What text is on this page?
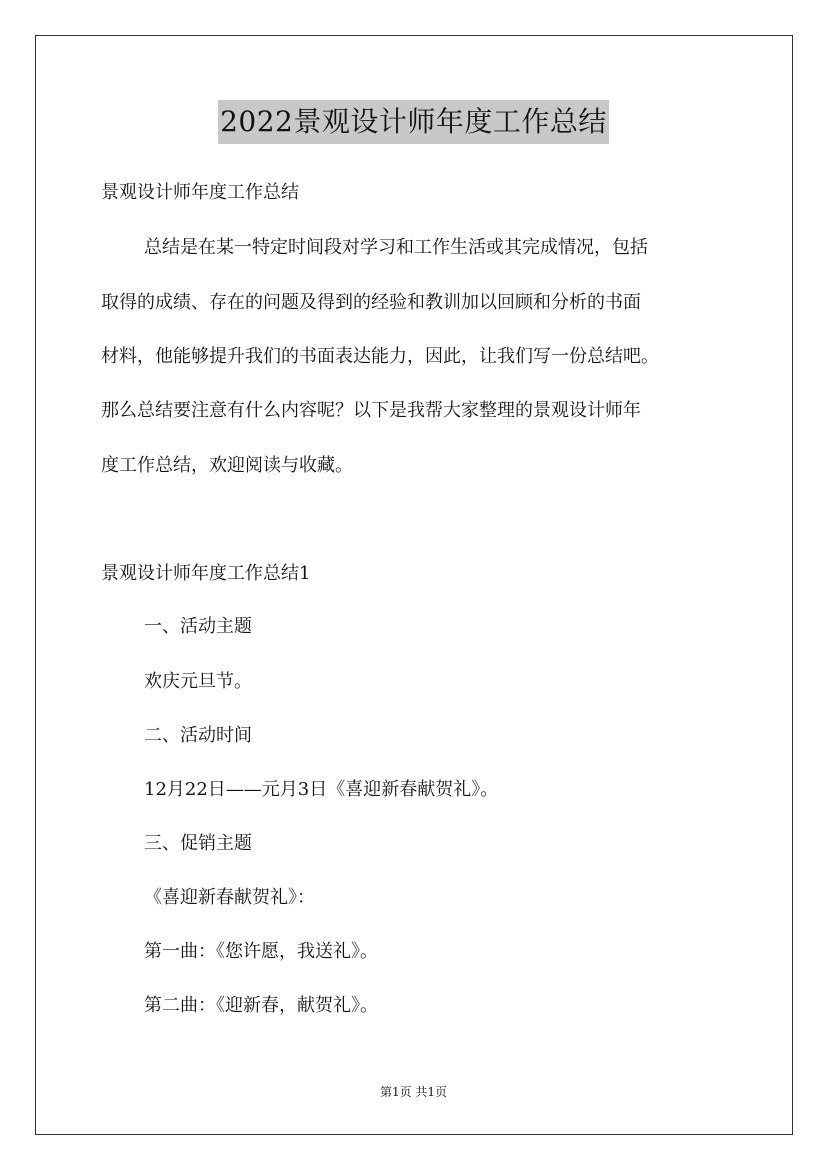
2022景观设计师年度工作总结
景观设计师年度工作总结
总结是在某一特定时间段对学习和工作生活或其完成情况，包括
取得的成绩、存在的问题及得到的经验和教训加以回顾和分析的书面
材料，他能够提升我们的书面表达能力，因此，让我们写一份总结吧。
那么总结要注意有什么内容呢？以下是我帮大家整理的景观设计师年
度工作总结，欢迎阅读与收藏。
景观设计师年度工作总结1
一、活动主题
欢庆元旦节。
二、活动时间
12月22日——元月3日《喜迎新春献贺礼》。
三、促销主题
《喜迎新春献贺礼》：
第一曲：《您许愿，我送礼》。
第二曲：《迎新春，献贺礼》。
第1页 共1页
